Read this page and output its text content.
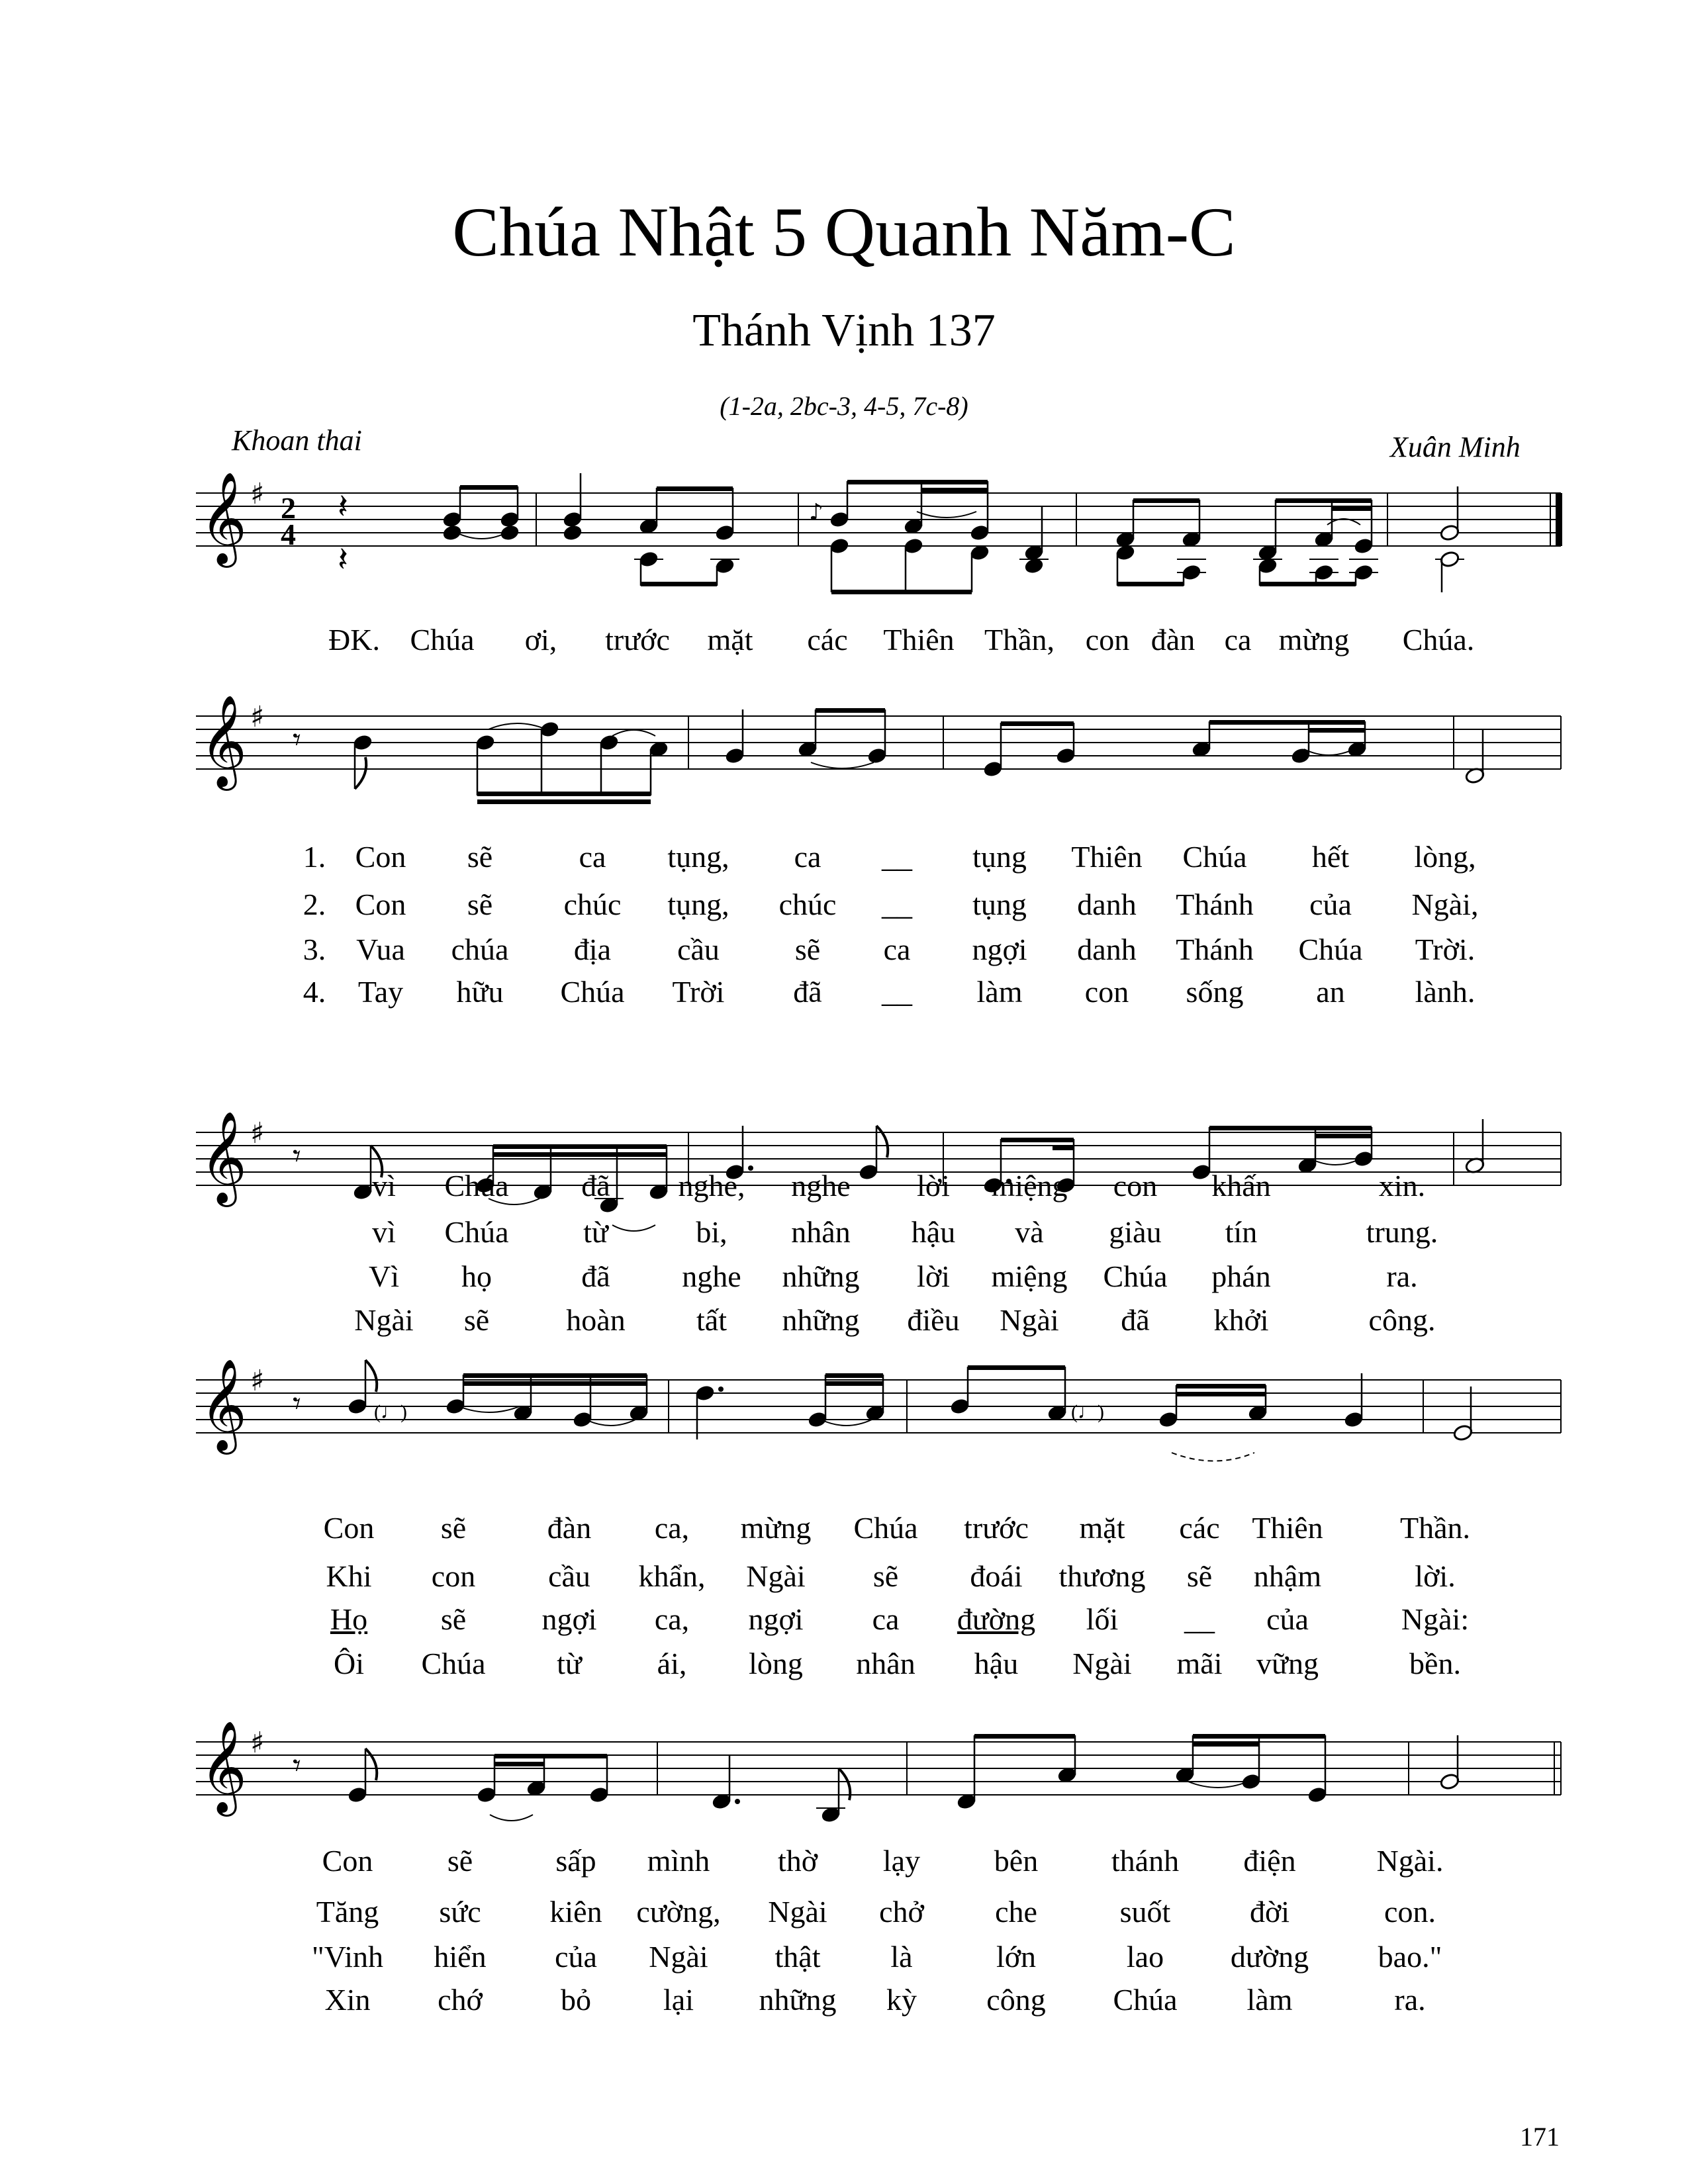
Chúa Nhật 5 Quanh Năm-C
Thánh Vịnh 137
(1-2a, 2bc-3, 4-5, 7c-8)
Khoan thai	Xuân Minh
171
𝄞 ♯ 2
4
𝄽
𝄽
♪
𝄞 ♯
𝄾
𝄞 ♯
𝄾
𝄞 ♯
𝄾	(♩)	(♩)
𝄞 ♯
𝄾
ĐK. Chúa ơi, trước mặt các Thiên Thần, con đàn ca mừng Chúa.
1. Con sẽ	ca tụng, ca __ tụng Thiên Chúa hết lòng,
2. Con sẽ chúc tụng, chúc __ tụng danh Thánh của Ngài,
3. Vua chúa địa cầu sẽ ca ngợi danh Thánh Chúa Trời.
4. Tay hữu Chúa Trời đã __ làm con sống an lành.
vì Chúa đã nghe, nghe lời miệng con khấn	xin.
vì Chúa từ	bi, nhân hậu và giàu tín	trung.
Vì họ	đã nghe những lời miệng Chúa phán	ra.
Ngài sẽ	hoàn tất những điều Ngài đã khởi	công.
Con sẽ	đàn ca, mừng Chúa trước mặt các Thiên	Thần.
Khi con cầu khẩn, Ngài sẽ đoái thương sẽ nhậm	lời.
Họ sẽ ngợi ca, ngợi ca đường lối __ của	Ngài:
Ôi Chúa từ ái, lòng nhân hậu Ngài mãi vững	bền.
Con sẽ	sấp mình thờ lạy bên thánh điện	Ngài.
Tăng sức kiên cường, Ngài chở che	suốt	đời	con.
"Vinh hiển của Ngài thật là	lớn	lao dường bao."
Xin chớ	bỏ lại những kỳ công Chúa làm	ra.
